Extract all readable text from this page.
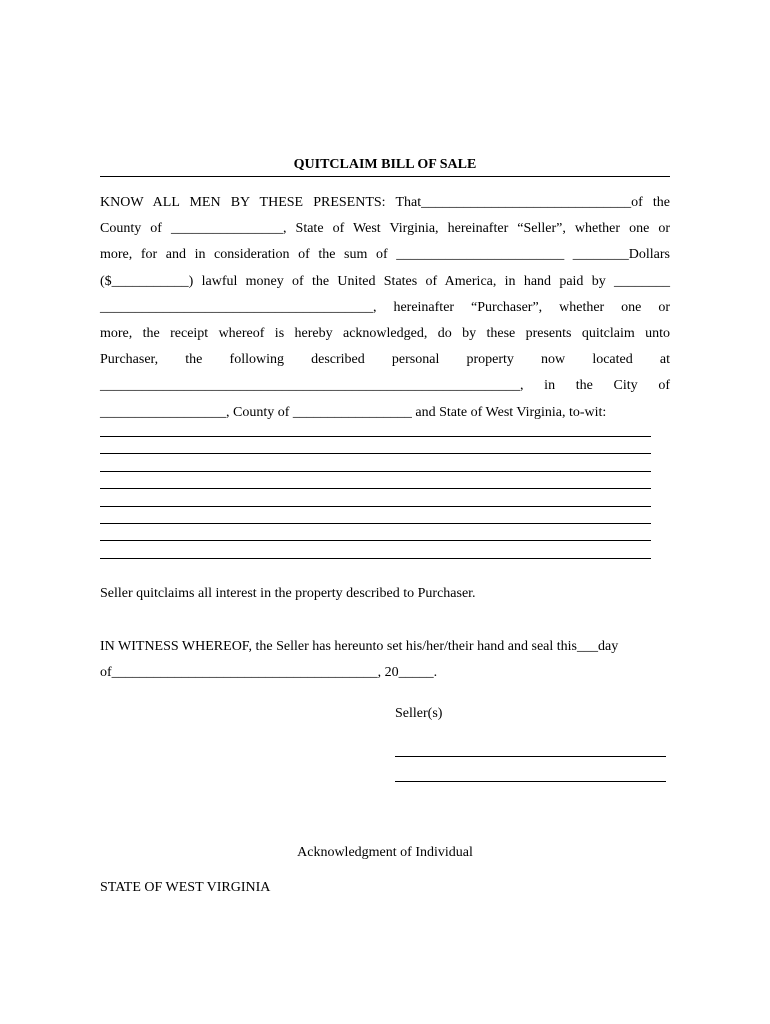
QUITCLAIM BILL OF SALE
KNOW ALL MEN BY THESE PRESENTS: That______________________________of the
County of ________________, State of West Virginia, hereinafter “Seller”, whether one or
more, for and in consideration of the sum of ________________________ ________Dollars
($___________) lawful money of the United States of America, in hand paid by ________
_______________________________________, hereinafter “Purchaser”, whether one or
more, the receipt whereof is hereby acknowledged, do by these presents quitclaim unto
Purchaser, the following described personal property now located at
____________________________________________________________, in the City of
__________________, County of _________________ and State of West Virginia, to-wit:
Seller quitclaims all interest in the property described to Purchaser.
IN WITNESS WHEREOF, the Seller has hereunto set his/her/their hand and seal this___day
of______________________________________, 20_____.
Seller(s)
Acknowledgment of Individual
STATE OF WEST VIRGINIA
